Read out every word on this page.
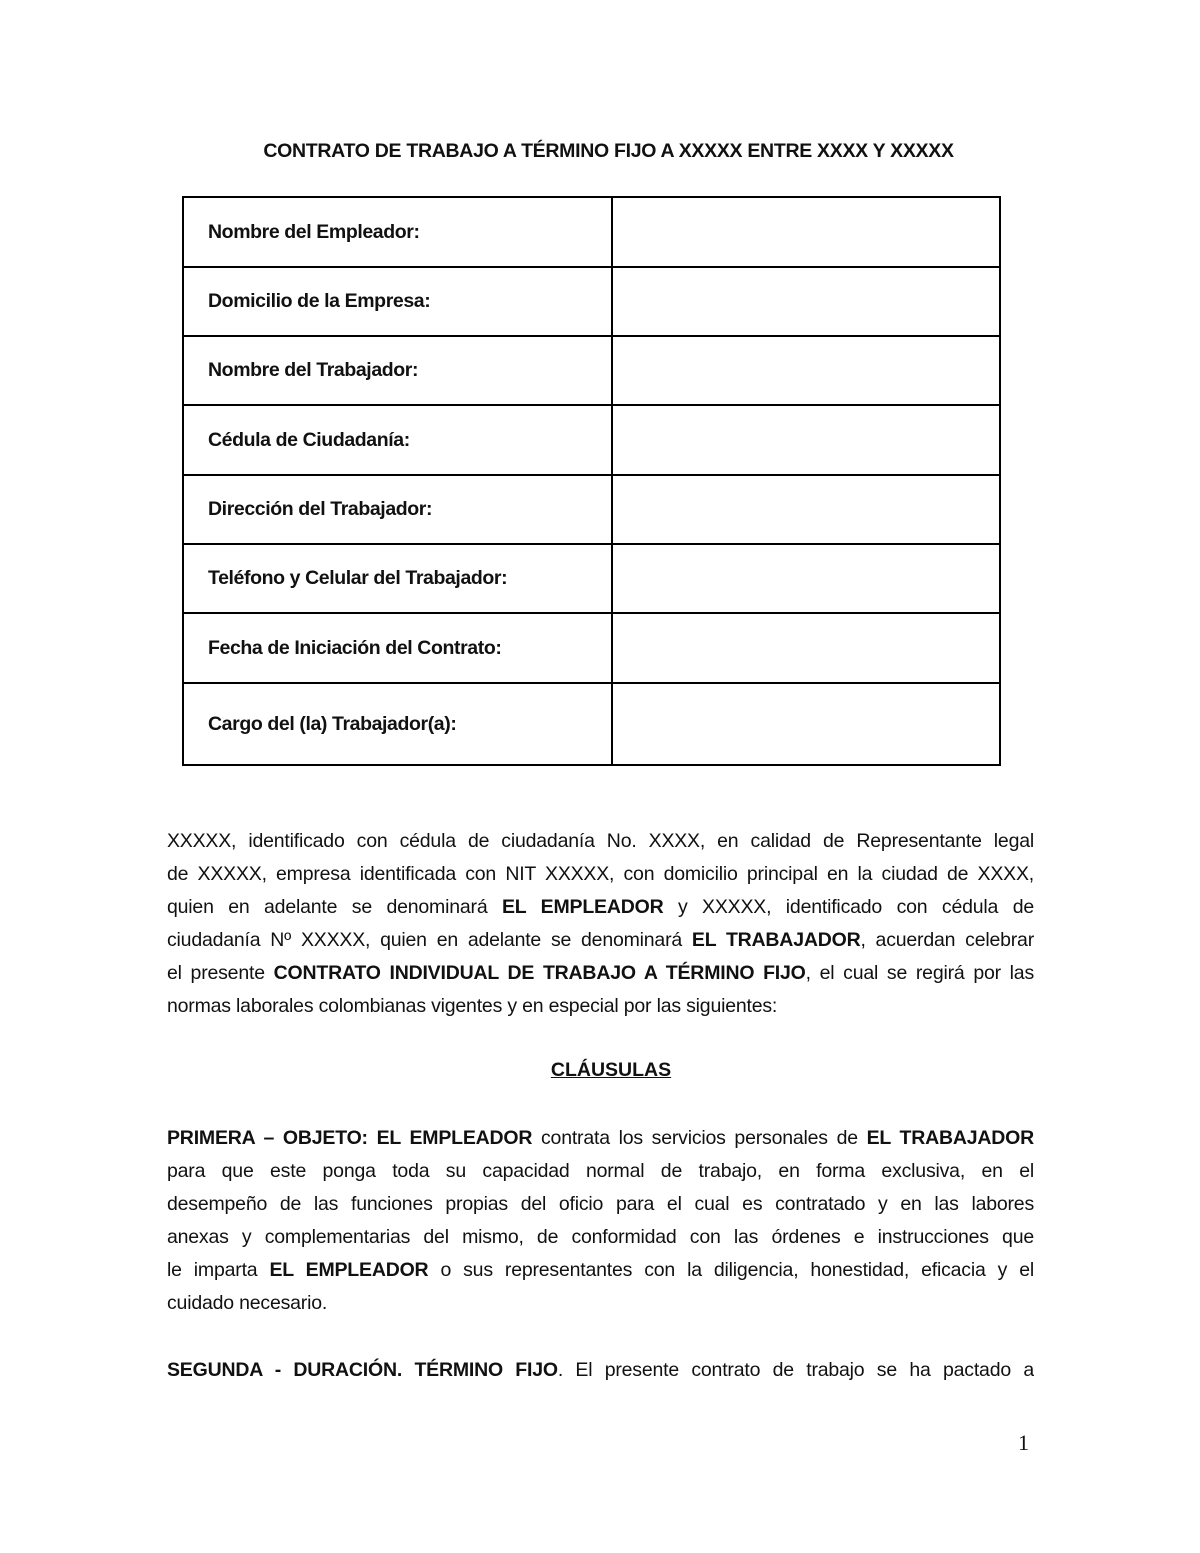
CONTRATO DE TRABAJO A TÉRMINO FIJO A XXXXX ENTRE XXXX Y XXXXX
Nombre del Empleador:	
Domicilio de la Empresa:	
Nombre del Trabajador:	
Cédula de Ciudadanía:	
Dirección del Trabajador:	
Teléfono y Celular del Trabajador:	
Fecha de Iniciación del Contrato:	
Cargo del (la) Trabajador(a):	
XXXXX, identificado con cédula de ciudadanía No. XXXX, en calidad de Representante legal
de XXXXX, empresa identificada con NIT XXXXX, con domicilio principal en la ciudad de XXXX,
quien en adelante se denominará EL EMPLEADOR y XXXXX, identificado con cédula de
ciudadanía Nº XXXXX, quien en adelante se denominará EL TRABAJADOR, acuerdan celebrar
el presente CONTRATO INDIVIDUAL DE TRABAJO A TÉRMINO FIJO, el cual se regirá por las
normas laborales colombianas vigentes y en especial por las siguientes:
CLÁUSULAS
PRIMERA – OBJETO: EL EMPLEADOR contrata los servicios personales de EL TRABAJADOR
para que este ponga toda su capacidad normal de trabajo, en forma exclusiva, en el
desempeño de las funciones propias del oficio para el cual es contratado y en las labores
anexas y complementarias del mismo, de conformidad con las órdenes e instrucciones que
le imparta EL EMPLEADOR o sus representantes con la diligencia, honestidad, eficacia y el
cuidado necesario.
SEGUNDA - DURACIÓN. TÉRMINO FIJO. El presente contrato de trabajo se ha pactado a
1
